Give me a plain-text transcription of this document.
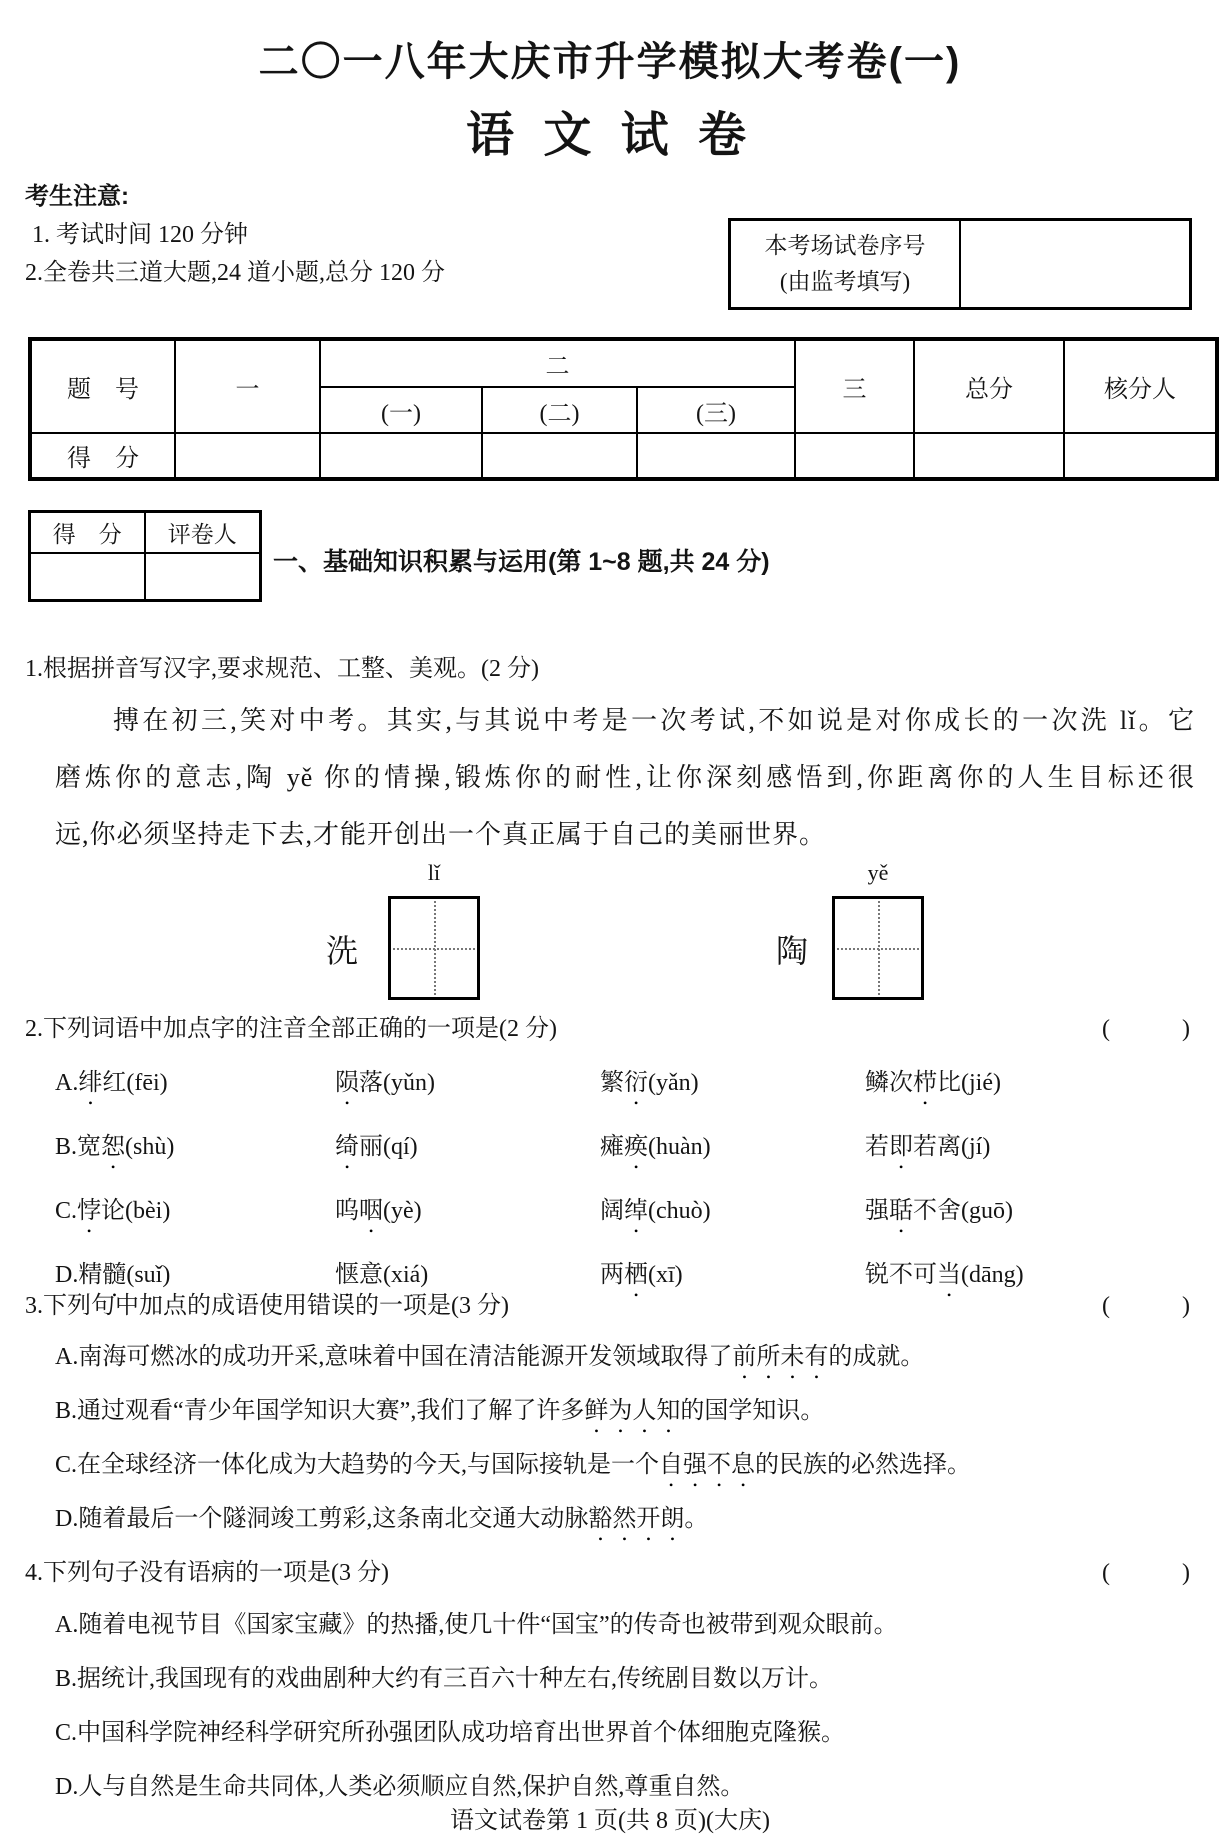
二〇一八年大庆市升学模拟大考卷(一)
语 文 试 卷
考生注意:
1. 考试时间 120 分钟
2.全卷共三道大题,24 道小题,总分 120 分
本考场试卷序号
(由监考填写)
题　号	一	二			三	总分	核分人
		(一)	(二)	(三)			
得　分							
得　分	评卷人

一、基础知识积累与运用(第 1~8 题,共 24 分)
1.根据拼音写汉字,要求规范、工整、美观。(2 分)
搏在初三,笑对中考。其实,与其说中考是一次考试,不如说是对你成长的一次洗 lǐ。它
磨炼你的意志,陶 yě 你的情操,锻炼你的耐性,让你深刻感悟到,你距离你的人生目标还很
远,你必须坚持走下去,才能开创出一个真正属于自己的美丽世界。
lǐ
洗
yě
陶
2.下列词语中加点字的注音全部正确的一项是(2 分)	(　　　)
A.绯红(fēi)	陨落(yǔn)	繁衍(yǎn)	鳞次栉比(jié)
B.宽恕(shù)	绮丽(qí)	瘫痪(huàn)	若即若离(jí)
C.悖论(bèi)	呜咽(yè)	阔绰(chuò)	强聒不舍(guō)
D.精髓(suǐ)	惬意(xiá)	两栖(xī)	锐不可当(dāng)
3.下列句中加点的成语使用错误的一项是(3 分)	(　　　)
A.南海可燃冰的成功开采,意味着中国在清洁能源开发领域取得了前所未有的成就。
B.通过观看“青少年国学知识大赛”,我们了解了许多鲜为人知的国学知识。
C.在全球经济一体化成为大趋势的今天,与国际接轨是一个自强不息的民族的必然选择。
D.随着最后一个隧洞竣工剪彩,这条南北交通大动脉豁然开朗。
4.下列句子没有语病的一项是(3 分)	(　　　)
A.随着电视节目《国家宝藏》的热播,使几十件“国宝”的传奇也被带到观众眼前。
B.据统计,我国现有的戏曲剧种大约有三百六十种左右,传统剧目数以万计。
C.中国科学院神经科学研究所孙强团队成功培育出世界首个体细胞克隆猴。
D.人与自然是生命共同体,人类必须顺应自然,保护自然,尊重自然。
语文试卷第 1 页(共 8 页)(大庆)
